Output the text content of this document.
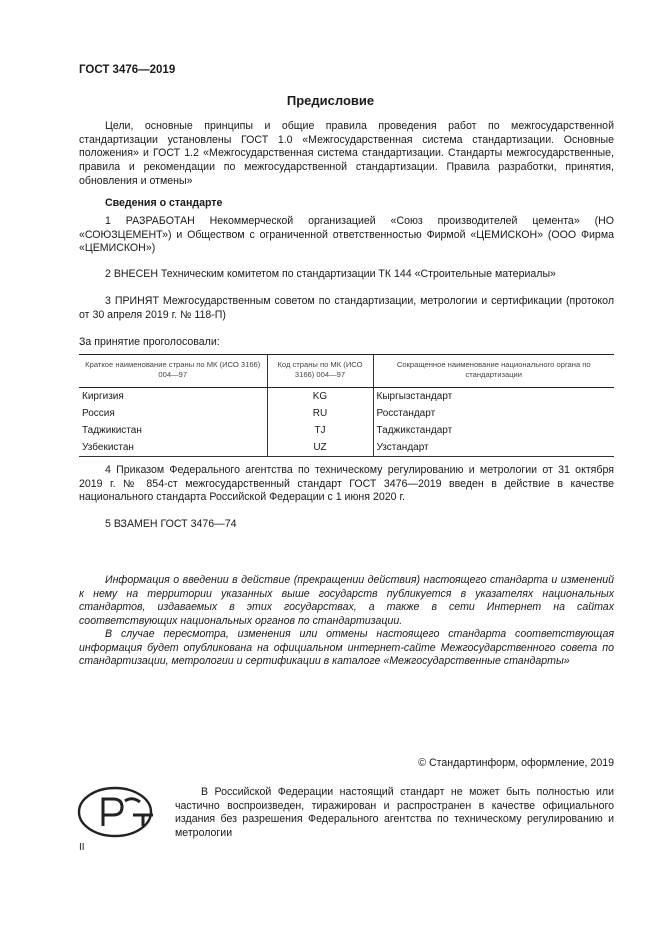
ГОСТ 3476—2019
Предисловие
Цели, основные принципы и общие правила проведения работ по межгосударственной стандартизации установлены ГОСТ 1.0 «Межгосударственная система стандартизации. Основные положения» и ГОСТ 1.2 «Межгосударственная система стандартизации. Стандарты межгосударственные, правила и рекомендации по межгосударственной стандартизации. Правила разработки, принятия, обновления и отмены»
Сведения о стандарте
1 РАЗРАБОТАН Некоммерческой организацией «Союз производителей цемента» (НО «СОЮЗЦЕМЕНТ») и Обществом с ограниченной ответственностью Фирмой «ЦЕМИСКОН» (ООО Фирма «ЦЕМИСКОН»)
2 ВНЕСЕН Техническим комитетом по стандартизации ТК 144 «Строительные материалы»
3 ПРИНЯТ Межгосударственным советом по стандартизации, метрологии и сертификации (протокол от 30 апреля 2019 г. № 118-П)
За принятие проголосовали:
Краткое наименование страны по МК (ИСО 3166) 004—97	Код страны по МК (ИСО 3166) 004—97	Сокращенное наименование национального органа по стандартизации
Киргизия	KG	Кыргызстандарт
Россия	RU	Росстандарт
Таджикистан	TJ	Таджикстандарт
Узбекистан	UZ	Узстандарт
4 Приказом Федерального агентства по техническому регулированию и метрологии от 31 октября 2019 г. № 854-ст межгосударственный стандарт ГОСТ 3476—2019 введен в действие в качестве национального стандарта Российской Федерации с 1 июня 2020 г.
5 ВЗАМЕН ГОСТ 3476—74
Информация о введении в действие (прекращении действия) настоящего стандарта и изменений к нему на территории указанных выше государств публикуется в указателях национальных стандартов, издаваемых в этих государствах, а также в сети Интернет на сайтах соответствующих национальных органов по стандартизации.
В случае пересмотра, изменения или отмены настоящего стандарта соответствующая информация будет опубликована на официальном интернет-сайте Межгосударственного совета по стандартизации, метрологии и сертификации в каталоге «Межгосударственные стандарты»
© Стандартинформ, оформление, 2019
В Российской Федерации настоящий стандарт не может быть полностью или частично воспроизведен, тиражирован и распространен в качестве официального издания без разрешения Федерального агентства по техническому регулированию и метрологии
II
